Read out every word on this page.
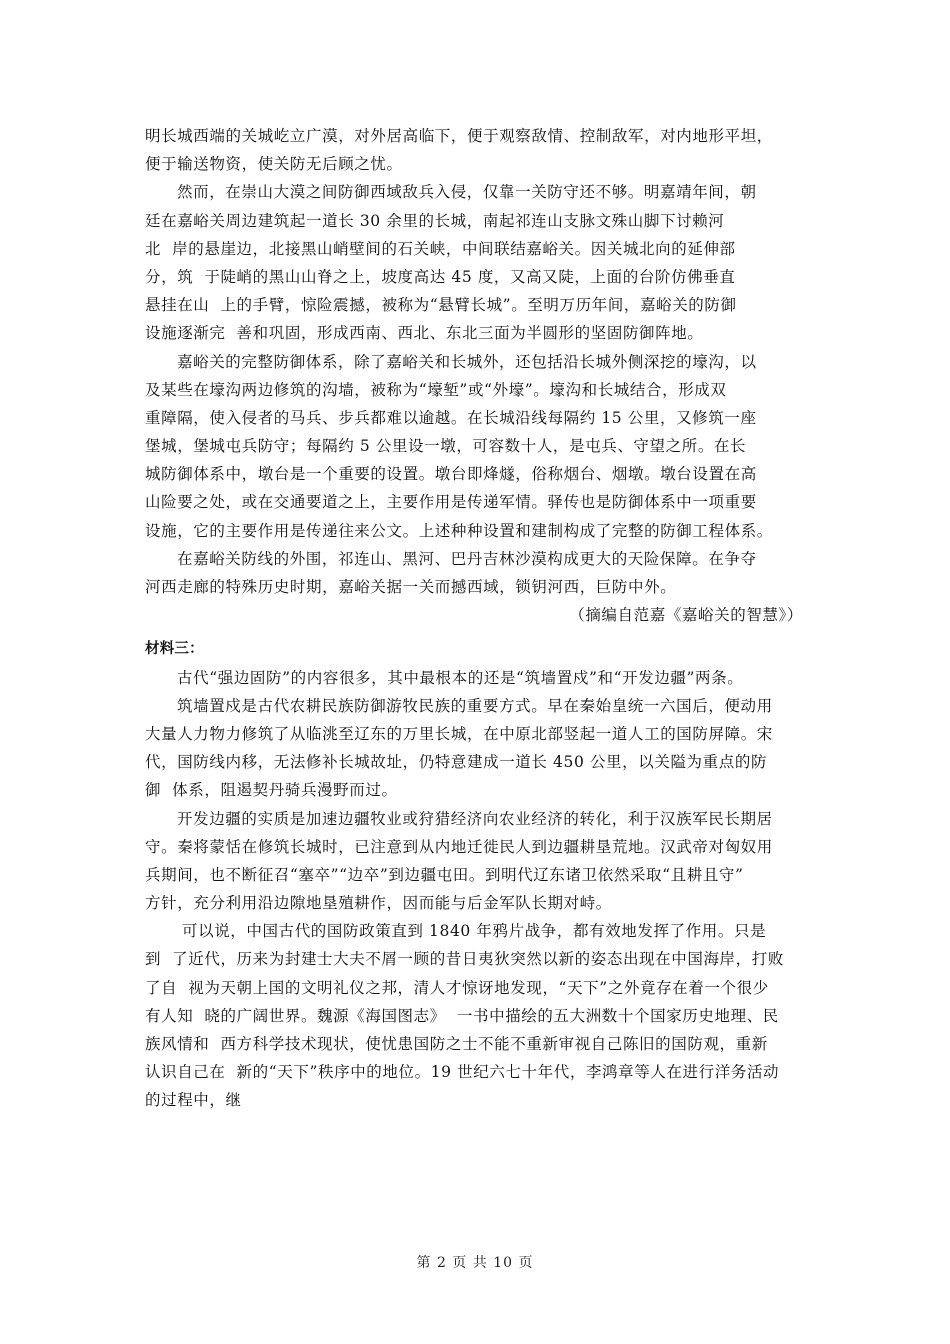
明长城西端的关城屹立广漠，对外居高临下，便于观察敌情、控制敌军，对内地形平坦，
便于输送物资，使关防无后顾之忧。
然而，在崇山大漠之间防御西域敌兵入侵，仅靠一关防守还不够。明嘉靖年间，朝
廷在嘉峪关周边建筑起一道长 30 余里的长城，南起祁连山支脉文殊山脚下讨赖河
北  岸的悬崖边，北接黑山峭壁间的石关峡，中间联结嘉峪关。因关城北向的延伸部
分，筑  于陡峭的黑山山脊之上，坡度高达 45 度，又高又陡，上面的台阶仿佛垂直
悬挂在山  上的手臂，惊险震撼，被称为“悬臂长城”。至明万历年间，嘉峪关的防御
设施逐渐完  善和巩固，形成西南、西北、东北三面为半圆形的坚固防御阵地。
嘉峪关的完整防御体系，除了嘉峪关和长城外，还包括沿长城外侧深挖的壕沟，以
及某些在壕沟两边修筑的沟墙，被称为“壕堑”或“外壕”。壕沟和长城结合，形成双
重障隔，使入侵者的马兵、步兵都难以逾越。在长城沿线每隔约 15 公里，又修筑一座
堡城，堡城屯兵防守；每隔约 5 公里设一墩，可容数十人，是屯兵、守望之所。在长
城防御体系中，墩台是一个重要的设置。墩台即烽燧，俗称烟台、烟墩。墩台设置在高
山险要之处，或在交通要道之上，主要作用是传递军情。驿传也是防御体系中一项重要
设施，它的主要作用是传递往来公文。上述种种设置和建制构成了完整的防御工程体系。
在嘉峪关防线的外围，祁连山、黑河、巴丹吉林沙漠构成更大的天险保障。在争夺
河西走廊的特殊历史时期，嘉峪关据一关而撼西域，锁钥河西，巨防中外。
（摘编自范嘉《嘉峪关的智慧》）
材料三：
古代“强边固防”的内容很多，其中最根本的还是“筑墙置戍”和“开发边疆”两条。
筑墙置戍是古代农耕民族防御游牧民族的重要方式。早在秦始皇统一六国后，便动用
大量人力物力修筑了从临洮至辽东的万里长城，在中原北部竖起一道人工的国防屏障。宋
代，国防线内移，无法修补长城故址，仍特意建成一道长 450 公里，以关隘为重点的防
御  体系，阻遏契丹骑兵漫野而过。
开发边疆的实质是加速边疆牧业或狩猎经济向农业经济的转化，利于汉族军民长期居
守。秦将蒙恬在修筑长城时，已注意到从内地迁徙民人到边疆耕垦荒地。汉武帝对匈奴用
兵期间，也不断征召“塞卒”“边卒”到边疆屯田。到明代辽东诸卫依然采取“且耕且守”
方针，充分利用沿边隙地垦殖耕作，因而能与后金军队长期对峙。
可以说，中国古代的国防政策直到 1840 年鸦片战争，都有效地发挥了作用。只是
到  了近代，历来为封建士大夫不屑一顾的昔日夷狄突然以新的姿态出现在中国海岸，打败
了自  视为天朝上国的文明礼仪之邦，清人才惊讶地发现，“天下”之外竟存在着一个很少
有人知  晓的广阔世界。魏源《海国图志》  一书中描绘的五大洲数十个国家历史地理、民
族风情和  西方科学技术现状，使忧患国防之士不能不重新审视自己陈旧的国防观，重新
认识自己在  新的“天下”秩序中的地位。19 世纪六七十年代，李鸿章等人在进行洋务活动
的过程中，继
第 2 页 共 10 页
